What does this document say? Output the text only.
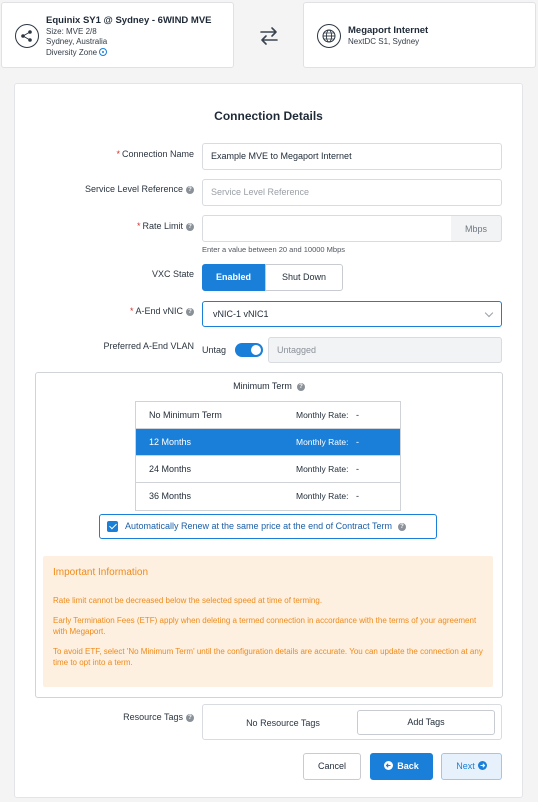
Equinix SY1 @ Sydney - 6WIND MVE
Size: MVE 2/8
Sydney, Australia
Diversity Zone
Megaport Internet
NextDC S1, Sydney
Connection Details
* Connection Name	Example MVE to Megaport Internet
Service Level Reference ?	Service Level Reference
* Rate Limit ?	Mbps
Enter a value between 20 and 10000 Mbps
VXC State	Enabled	Shut Down
* A-End vNIC ?	vNIC-1 vNIC1
Preferred A-End VLAN Untag	Untagged
Minimum Term ?
No Minimum Term	Monthly Rate: -
12 Months	Monthly Rate: -
24 Months	Monthly Rate: -
36 Months	Monthly Rate: -
Automatically Renew at the same price at the end of Contract Term ?
Important Information
Rate limit cannot be decreased below the selected speed at time of terming.
Early Termination Fees (ETF) apply when deleting a termed connection in accordance with the terms of your agreement with Megaport.
To avoid ETF, select 'No Minimum Term' until the configuration details are accurate. You can update the connection at any time to opt into a term.
Resource Tags ?	No Resource Tags	Add Tags
Cancel	Back	Next
